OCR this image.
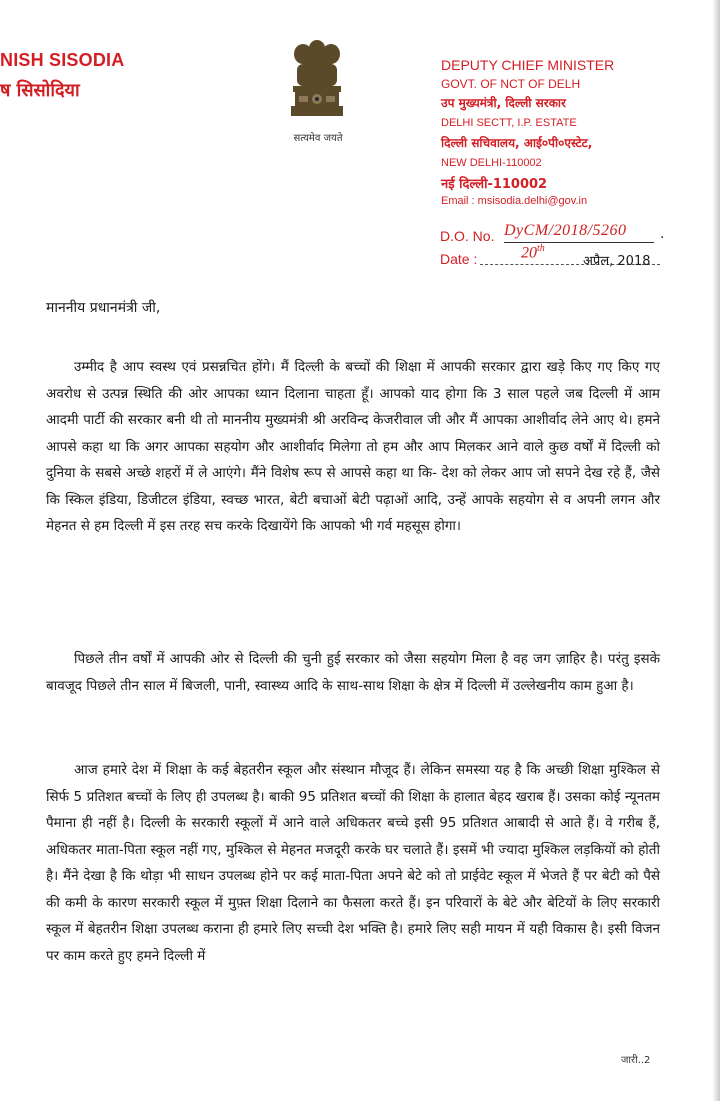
NISH SISODIA
ष सिसोदिया
सत्यमेव जयते
DEPUTY CHIEF MINISTER
GOVT. OF NCT OF DELH
उप मुख्यमंत्री, दिल्ली सरकार
DELHI SECTT, I.P. ESTATE
दिल्ली सचिवालय, आई०पी०एस्टेट,
NEW DELHI-110002
नई दिल्ली-110002
Email : msisodia.delhi@gov.in
D.O. No. DyCM/2018/5260	.
Date :	20th
अप्रैल, 2018
माननीय प्रधानमंत्री जी,
उम्मीद है आप स्वस्थ एवं प्रसन्नचित होंगे। मैं दिल्ली के बच्चों की शिक्षा में आपकी सरकार द्वारा खड़े किए गए किए गए अवरोध से उत्पन्न स्थिति की ओर आपका ध्यान दिलाना चाहता हूँ। आपको याद होगा कि 3 साल पहले जब दिल्ली में आम आदमी पार्टी की सरकार बनी थी तो माननीय मुख्यमंत्री श्री अरविन्द केजरीवाल जी और मैं आपका आशीर्वाद लेने आए थे। हमने आपसे कहा था कि अगर आपका सहयोग और आशीर्वाद मिलेगा तो हम और आप मिलकर आने वाले कुछ वर्षों में दिल्ली को दुनिया के सबसे अच्छे शहरों में ले आएंगे। मैंने विशेष रूप से आपसे कहा था कि- देश को लेकर आप जो सपने देख रहे हैं, जैसे कि स्किल इंडिया, डिजीटल इंडिया, स्वच्छ भारत, बेटी बचाओं बेटी पढ़ाओं आदि, उन्हें आपके सहयोग से व अपनी लगन और मेहनत से हम दिल्ली में इस तरह सच करके दिखायेंगे कि आपको भी गर्व महसूस होगा।
पिछले तीन वर्षों में आपकी ओर से दिल्ली की चुनी हुई सरकार को जैसा सहयोग मिला है वह जग ज़ाहिर है। परंतु इसके बावजूद पिछले तीन साल में बिजली, पानी, स्वास्थ्य आदि के साथ-साथ शिक्षा के क्षेत्र में दिल्ली में उल्लेखनीय काम हुआ है।
आज हमारे देश में शिक्षा के कई बेहतरीन स्कूल और संस्थान मौजूद हैं। लेकिन समस्या यह है कि अच्छी शिक्षा मुश्किल से सिर्फ 5 प्रतिशत बच्चों के लिए ही उपलब्ध है। बाकी 95 प्रतिशत बच्चों की शिक्षा के हालात बेहद खराब हैं। उसका कोई न्यूनतम पैमाना ही नहीं है। दिल्ली के सरकारी स्कूलों में आने वाले अधिकतर बच्चे इसी 95 प्रतिशत आबादी से आते हैं। वे गरीब हैं, अधिकतर माता-पिता स्कूल नहीं गए, मुश्किल से मेहनत मजदूरी करके घर चलाते हैं। इसमें भी ज्यादा मुश्किल लड़कियों को होती है। मैंने देखा है कि थोड़ा भी साधन उपलब्ध होने पर कई माता-पिता अपने बेटे को तो प्राईवेट स्कूल में भेजते हैं पर बेटी को पैसे की कमी के कारण सरकारी स्कूल में मुफ़्त शिक्षा दिलाने का फैसला करते हैं। इन परिवारों के बेटे और बेटियों के लिए सरकारी स्कूल में बेहतरीन शिक्षा उपलब्ध कराना ही हमारे लिए सच्ची देश भक्ति है। हमारे लिए सही मायन में यही विकास है। इसी विजन पर काम करते हुए हमने दिल्ली में
जारी..2
